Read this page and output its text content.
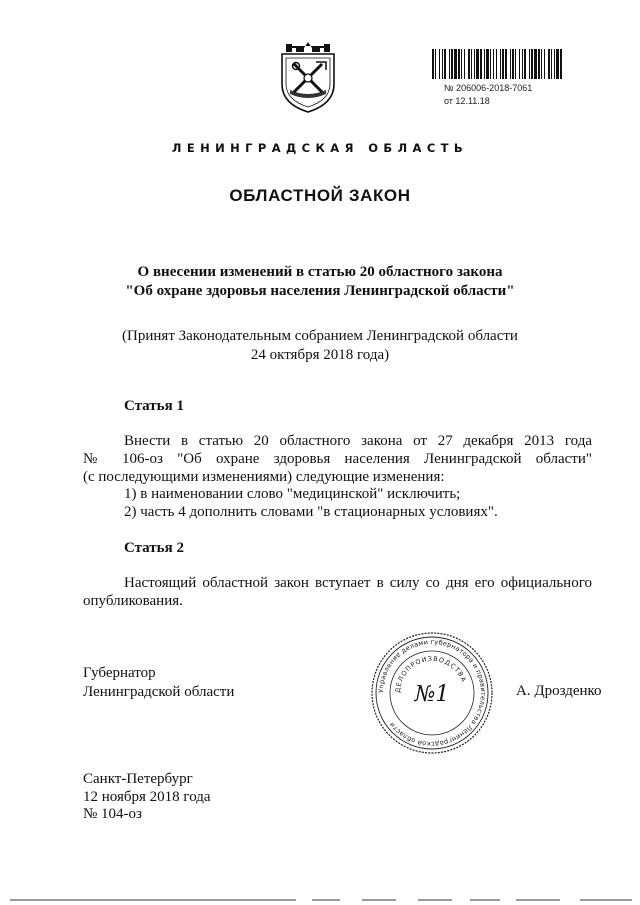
№ 206006-2018-7061
от 12.11.18
ЛЕНИНГРАДСКАЯ ОБЛАСТЬ
ОБЛАСТНОЙ ЗАКОН
О внесении изменений в статью 20 областного закона
"Об охране здоровья населения Ленинградской области"
(Принят Законодательным собранием Ленинградской области
24 октября 2018 года)
Статья 1
Внести в статью 20 областного закона от 27 декабря 2013 года
№ 106-оз "Об охране здоровья населения Ленинградской области"
(с последующими изменениями) следующие изменения:
1) в наименовании слово "медицинской" исключить;
2) часть 4 дополнить словами "в стационарных условиях".
Статья 2
Настоящий областной закон вступает в силу со дня его официального
опубликования.
Губернатор
Ленинградской области	Управление делами губернатора и правительства Ленинградской области
ДЕЛОПРОИЗВОДСТВА
№1	А. Дрозденко
Санкт-Петербург
12 ноября 2018 года
№ 104-оз
